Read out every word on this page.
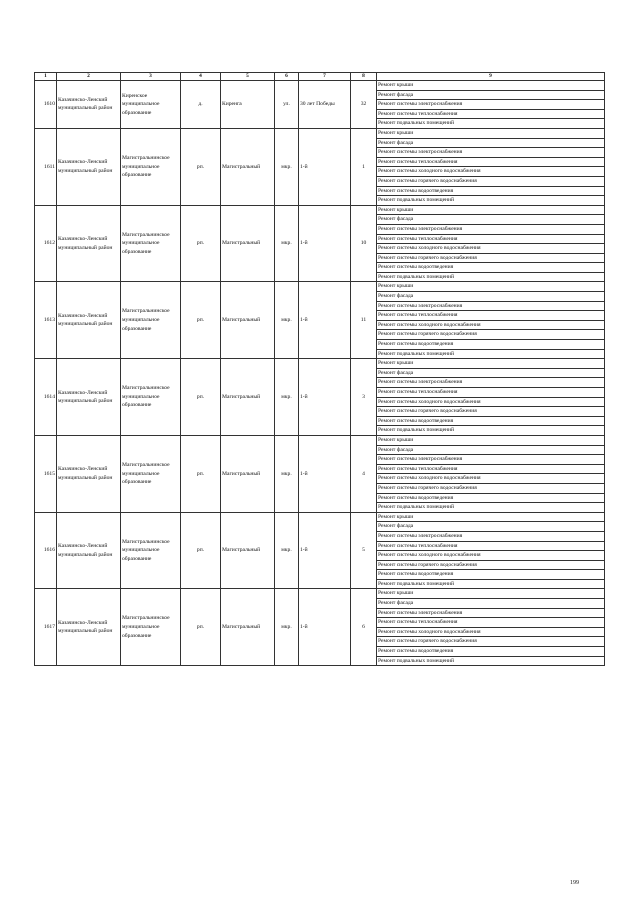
1	2	3	4	5	6	7	8	9
1610	Казачинско-Ленский муниципальный район	Киренское муниципальное образование	д.	Киренга	ул.	30 лет Победы	32	Ремонт крыши
								Ремонт фасада
								Ремонт системы электроснабжения
								Ремонт системы теплоснабжения
								Ремонт подвальных помещений
1611	Казачинско-Ленский муниципальный район	Магистральнинское муниципальное образование	рп.	Магистральный	мкр.	1-й	1	Ремонт крыши
								Ремонт фасада
								Ремонт системы электроснабжения
								Ремонт системы теплоснабжения
								Ремонт системы холодного водоснабжения
								Ремонт системы горячего водоснабжения
								Ремонт системы водоотведения
								Ремонт подвальных помещений
1612	Казачинско-Ленский муниципальный район	Магистральнинское муниципальное образование	рп.	Магистральный	мкр.	1-й	10	Ремонт крыши
								Ремонт фасада
								Ремонт системы электроснабжения
								Ремонт системы теплоснабжения
								Ремонт системы холодного водоснабжения
								Ремонт системы горячего водоснабжения
								Ремонт системы водоотведения
								Ремонт подвальных помещений
1613	Казачинско-Ленский муниципальный район	Магистральнинское муниципальное образование	рп.	Магистральный	мкр.	1-й	11	Ремонт крыши
								Ремонт фасада
								Ремонт системы электроснабжения
								Ремонт системы теплоснабжения
								Ремонт системы холодного водоснабжения
								Ремонт системы горячего водоснабжения
								Ремонт системы водоотведения
								Ремонт подвальных помещений
1614	Казачинско-Ленский муниципальный район	Магистральнинское муниципальное образование	рп.	Магистральный	мкр.	1-й	3	Ремонт крыши
								Ремонт фасада
								Ремонт системы электроснабжения
								Ремонт системы теплоснабжения
								Ремонт системы холодного водоснабжения
								Ремонт системы горячего водоснабжения
								Ремонт системы водоотведения
								Ремонт подвальных помещений
1615	Казачинско-Ленский муниципальный район	Магистральнинское муниципальное образование	рп.	Магистральный	мкр.	1-й	4	Ремонт крыши
								Ремонт фасада
								Ремонт системы электроснабжения
								Ремонт системы теплоснабжения
								Ремонт системы холодного водоснабжения
								Ремонт системы горячего водоснабжения
								Ремонт системы водоотведения
								Ремонт подвальных помещений
1616	Казачинско-Ленский муниципальный район	Магистральнинское муниципальное образование	рп.	Магистральный	мкр.	1-й	5	Ремонт крыши
								Ремонт фасада
								Ремонт системы электроснабжения
								Ремонт системы теплоснабжения
								Ремонт системы холодного водоснабжения
								Ремонт системы горячего водоснабжения
								Ремонт системы водоотведения
								Ремонт подвальных помещений
1617	Казачинско-Ленский муниципальный район	Магистральнинское муниципальное образование	рп.	Магистральный	мкр.	1-й	6	Ремонт крыши
								Ремонт фасада
								Ремонт системы электроснабжения
								Ремонт системы теплоснабжения
								Ремонт системы холодного водоснабжения
								Ремонт системы горячего водоснабжения
								Ремонт системы водоотведения
								Ремонт подвальных помещений
199
